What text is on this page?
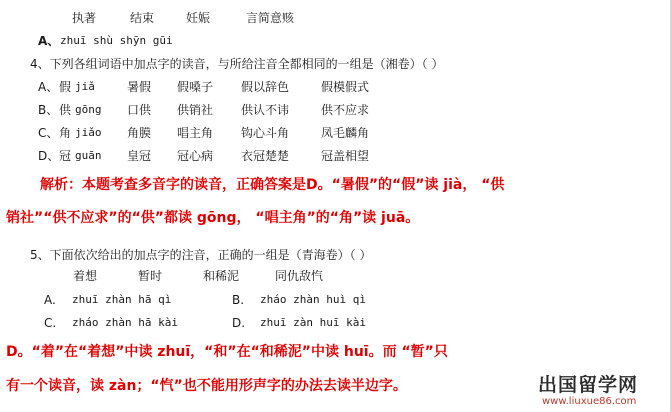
执著	结束	妊娠	言简意赅
A、 zhuī shù shȳn gūi
4、下列各组词语中加点字的读音，与所给注音全都相同的一组是（湘卷）（ ）
A、 假 jiǎ	暑假 假嗓子 假以辞色	假模假式
B、 供 gōng 口供 供销社 供认不讳	供不应求
C、 角 jiǎo 角膜 唱主角 钩心斗角	凤毛麟角
D、 冠 guān 皇冠 冠心病 衣冠楚楚	冠盖相望
解析：本题考查多音字的读音，正确答案是D。“暑假”的“假”读 jià， “供
销社”“供不应求”的“供”都读 gōng， “唱主角”的“角”读 juā。
5、下面依次给出的加点字的注音，正确的一组是（青海卷）（ ）
着想	暂时	和稀泥	同仇敌忾
A. zhuī zhàn hā qì	B. zháo zhàn huì qì
C. zháo zhàn hā kài	D. zhuī zàn huī kài
D。“着”在“着想”中读 zhuī，“和”在“和稀泥”中读 huī。而 “暂”只
有一个读音，读 zàn；“忾”也不能用形声字的办法去读半边字。	出国留学网
www.liuxue86.com
